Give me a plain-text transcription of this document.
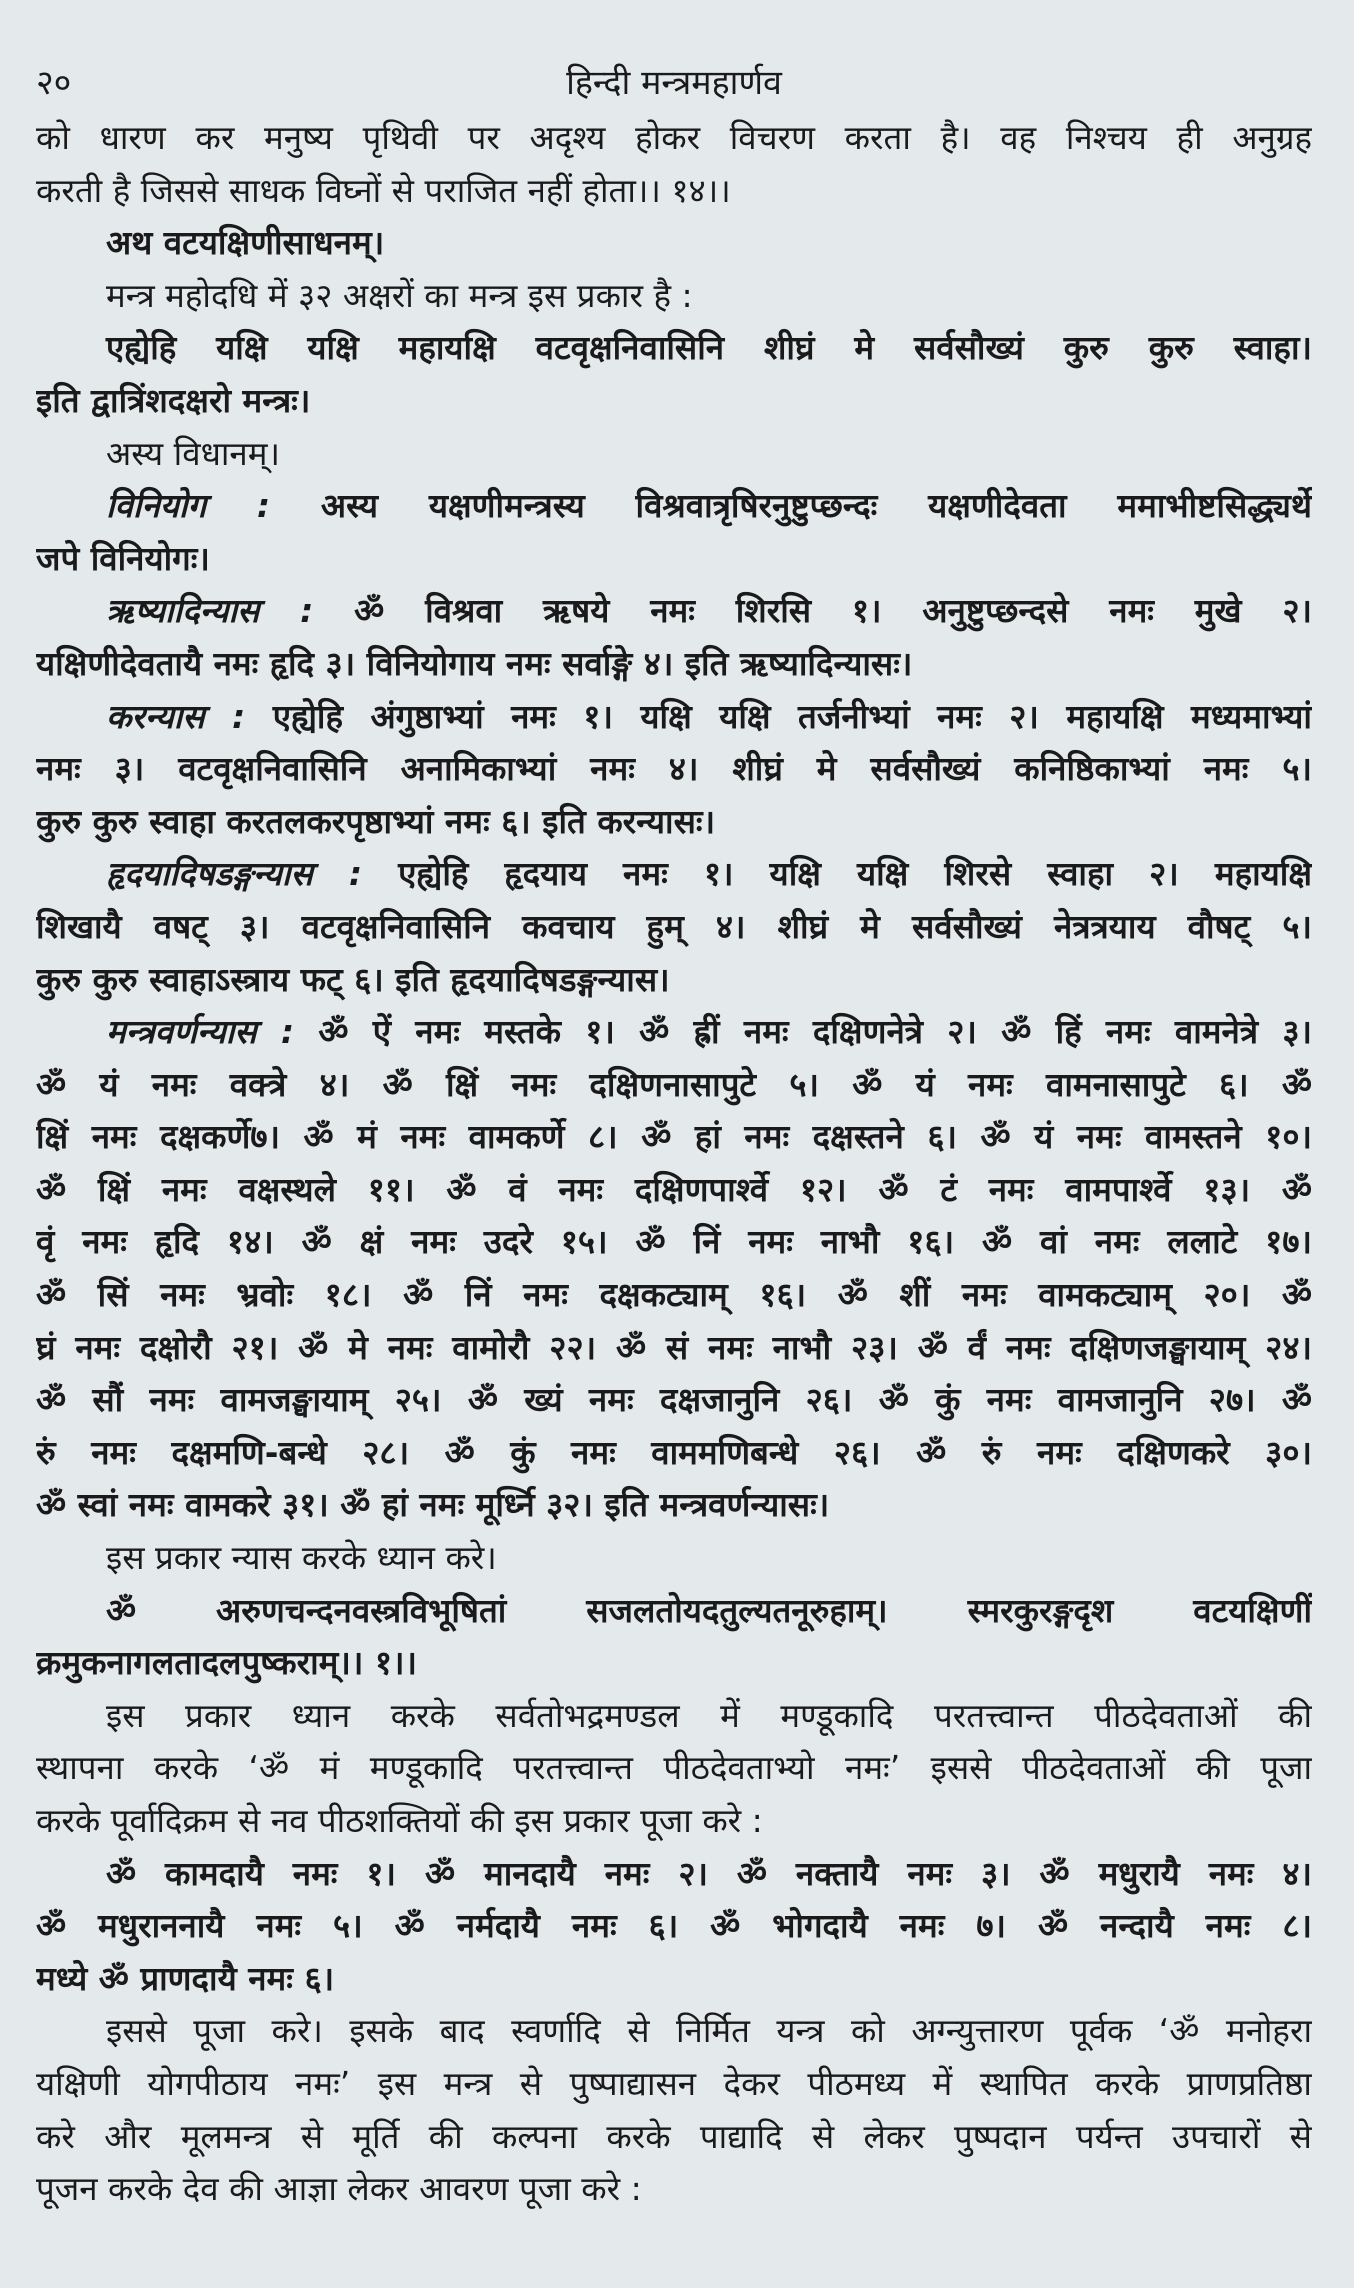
२०	हिन्दी मन्त्रमहार्णव
को धारण कर मनुष्य पृथिवी पर अदृश्य होकर विचरण करता है। वह निश्चय ही अनुग्रह
करती है जिससे साधक विघ्नों से पराजित नहीं होता।। १४।।
अथ वटयक्षिणीसाधनम्।
मन्त्र महोदधि में ३२ अक्षरों का मन्त्र इस प्रकार है :
एह्येहि यक्षि यक्षि महायक्षि वटवृक्षनिवासिनि शीघ्रं मे सर्वसौख्यं कुरु कुरु स्वाहा।
इति द्वात्रिंशदक्षरो मन्त्रः।
अस्य विधानम्।
विनियोग : अस्य यक्षणीमन्त्रस्य विश्रवात्रृषिरनुष्टुप्छन्दः यक्षणीदेवता ममाभीष्टसिद्ध्यर्थे
जपे विनियोगः।
ऋष्यादिन्यास : ॐ विश्रवा ऋषये नमः शिरसि १। अनुष्टुप्छन्दसे नमः मुखे २।
यक्षिणीदेवतायै नमः हृदि ३। विनियोगाय नमः सर्वाङ्गे ४। इति ऋष्यादिन्यासः।
करन्यास : एह्येहि अंगुष्ठाभ्यां नमः १। यक्षि यक्षि तर्जनीभ्यां नमः २। महायक्षि मध्यमाभ्यां
नमः ३। वटवृक्षनिवासिनि अनामिकाभ्यां नमः ४। शीघ्रं मे सर्वसौख्यं कनिष्ठिकाभ्यां नमः ५।
कुरु कुरु स्वाहा करतलकरपृष्ठाभ्यां नमः ६। इति करन्यासः।
हृदयादिषडङ्गन्यास : एह्येहि हृदयाय नमः १। यक्षि यक्षि शिरसे स्वाहा २। महायक्षि
शिखायै वषट् ३। वटवृक्षनिवासिनि कवचाय हुम् ४। शीघ्रं मे सर्वसौख्यं नेत्रत्रयाय वौषट् ५।
कुरु कुरु स्वाहाऽस्त्राय फट् ६। इति हृदयादिषडङ्गन्यास।
मन्त्रवर्णन्यास : ॐ ऐं नमः मस्तके १। ॐ ह्रीं नमः दक्षिणनेत्रे २। ॐ हिं नमः वामनेत्रे ३।
ॐ यं नमः वक्त्रे ४। ॐ क्षिं नमः दक्षिणनासापुटे ५। ॐ यं नमः वामनासापुटे ६। ॐ
क्षिं नमः दक्षकर्णे७। ॐ मं नमः वामकर्णे ८। ॐ हां नमः दक्षस्तने ६। ॐ यं नमः वामस्तने १०।
ॐ क्षिं नमः वक्षस्थले ११। ॐ वं नमः दक्षिणपार्श्वे १२। ॐ टं नमः वामपार्श्वे १३। ॐ
वृं नमः हृदि १४। ॐ क्षं नमः उदरे १५। ॐ निं नमः नाभौ १६। ॐ वां नमः ललाटे १७।
ॐ सिं नमः भ्रवोः १८। ॐ निं नमः दक्षकट्याम् १६। ॐ शीं नमः वामकट्याम् २०। ॐ
घ्रं नमः दक्षोरौ २१। ॐ मे नमः वामोरौ २२। ॐ सं नमः नाभौ २३। ॐ र्वं नमः दक्षिणजङ्घायाम् २४।
ॐ सौं नमः वामजङ्घायाम् २५। ॐ ख्यं नमः दक्षजानुनि २६। ॐ कुं नमः वामजानुनि २७। ॐ
रुं नमः दक्षमणि-बन्धे २८। ॐ कुं नमः वाममणिबन्धे २६। ॐ रुं नमः दक्षिणकरे ३०।
ॐ स्वां नमः वामकरे ३१। ॐ हां नमः मूर्ध्नि ३२। इति मन्त्रवर्णन्यासः।
इस प्रकार न्यास करके ध्यान करे।
ॐ अरुणचन्दनवस्त्रविभूषितां सजलतोयदतुल्यतनूरुहाम्। स्मरकुरङ्गदृश वटयक्षिणीं
क्रमुकनागलतादलपुष्कराम्।। १।।
इस प्रकार ध्यान करके सर्वतोभद्रमण्डल में मण्डूकादि परतत्त्वान्त पीठदेवताओं की
स्थापना करके ‘ॐ मं मण्डूकादि परतत्त्वान्त पीठदेवताभ्यो नमः’ इससे पीठदेवताओं की पूजा
करके पूर्वादिक्रम से नव पीठशक्तियों की इस प्रकार पूजा करे :
ॐ कामदायै नमः १। ॐ मानदायै नमः २। ॐ नक्तायै नमः ३। ॐ मधुरायै नमः ४।
ॐ मधुराननायै नमः ५। ॐ नर्मदायै नमः ६। ॐ भोगदायै नमः ७। ॐ नन्दायै नमः ८।
मध्ये ॐ प्राणदायै नमः ६।
इससे पूजा करे। इसके बाद स्वर्णादि से निर्मित यन्त्र को अग्न्युत्तारण पूर्वक ‘ॐ मनोहरा
यक्षिणी योगपीठाय नमः’ इस मन्त्र से पुष्पाद्यासन देकर पीठमध्य में स्थापित करके प्राणप्रतिष्ठा
करे और मूलमन्त्र से मूर्ति की कल्पना करके पाद्यादि से लेकर पुष्पदान पर्यन्त उपचारों से
पूजन करके देव की आज्ञा लेकर आवरण पूजा करे :
